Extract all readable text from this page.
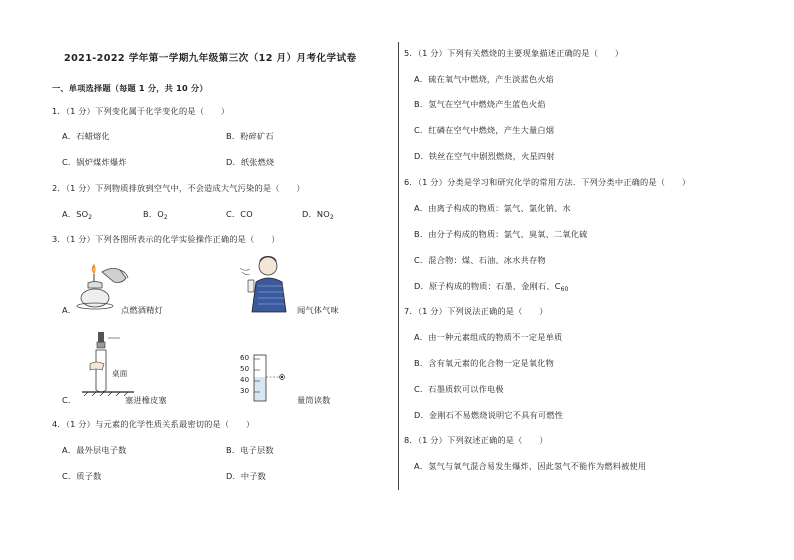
2021-2022 学年第一学期九年级第三次（12 月）月考化学试卷
一、单项选择题（每题 1 分，共 10 分）
1．（1 分）下列变化属于化学变化的是（　　）
A．石蜡熔化	B．粉碎矿石
C．锅炉煤炸爆炸	D．纸张燃烧
2．（1 分）下列物质排放到空气中，不会造成大气污染的是（　　）
A．$SO_2$	B．$O_2$	C．CO	D．$NO_2$
3．（1 分）下列各图所表示的化学实验操作正确的是（　　）
A．	点燃酒精灯	闻气体气味
桌面
C．	塞进橡皮塞
60
50
40
30
量筒读数
4．（1 分）与元素的化学性质关系最密切的是（　　）
A．最外层电子数	B．电子层数
C．质子数	D．中子数
5．（1 分）下列有关燃烧的主要现象描述正确的是（　　）
A．硫在氧气中燃烧，产生淡蓝色火焰
B．氢气在空气中燃烧产生蓝色火焰
C．红磷在空气中燃烧，产生大量白烟
D．铁丝在空气中剧烈燃烧，火星四射
6．（1 分）分类是学习和研究化学的常用方法．下列分类中正确的是（　　）
A．由离子构成的物质：氯气、氯化钠、水
B．由分子构成的物质：氯气、臭氧、二氧化硫
C．混合物：煤、石油、冰水共存物
D．原子构成的物质：石墨、金刚石、$C_{60}$
7．（1 分）下列说法正确的是（　　）
A．由一种元素组成的物质不一定是单质
B．含有氧元素的化合物一定是氧化物
C．石墨质软可以作电极
D．金刚石不易燃烧说明它不具有可燃性
8．（1 分）下列叙述正确的是（　　）
A．氢气与氧气混合易发生爆炸，因此氢气不能作为燃料被使用
